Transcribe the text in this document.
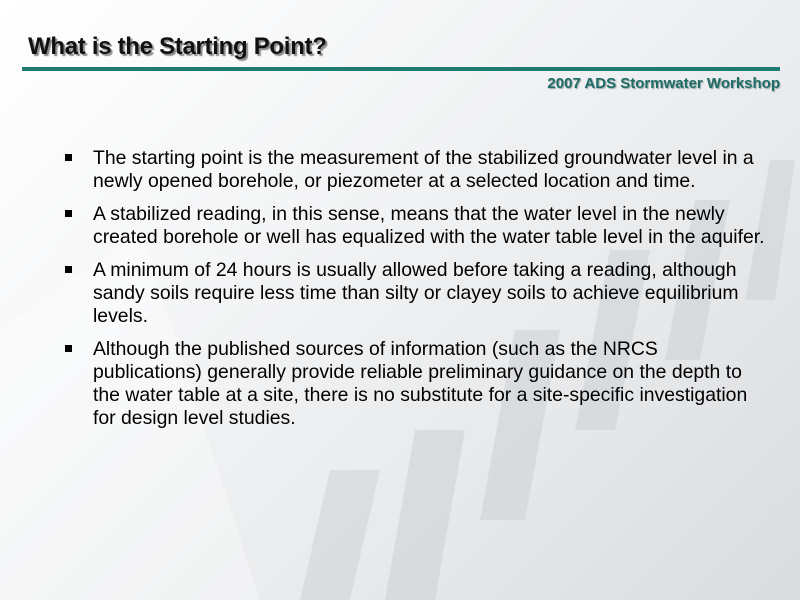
What is the Starting Point?
2007 ADS Stormwater Workshop
The starting point is the measurement of the stabilized groundwater level in a newly opened borehole, or piezometer at a selected location and time.
A stabilized reading, in this sense, means that the water level in the newly created borehole or well has equalized with the water table level in the aquifer.
A minimum of 24 hours is usually allowed before taking a reading, although sandy soils require less time than silty or clayey soils to achieve equilibrium levels.
Although the published sources of information (such as the NRCS publications) generally provide reliable preliminary guidance on the depth to the water table at a site, there is no substitute for a site-specific investigation for design level studies.
